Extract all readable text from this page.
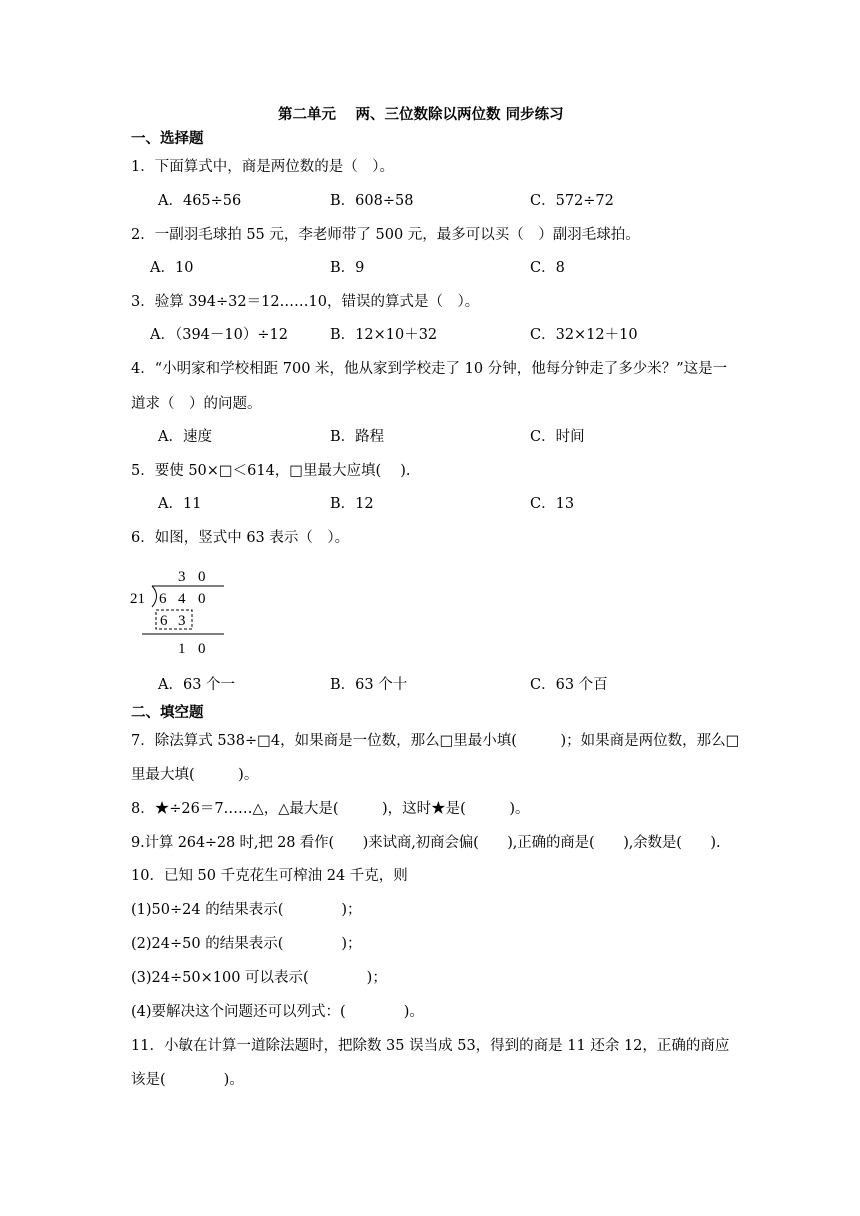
第二单元　 两、三位数除以两位数 同步练习
一、选择题
1．下面算式中，商是两位数的是（　）。
A．465÷56	B．608÷58	C．572÷72
2．一副羽毛球拍 55 元，李老师带了 500 元，最多可以买（　）副羽毛球拍。
A．10	B．9	C．8
3．验算 394÷32＝12……10，错误的算式是（　）。
A．（394－10）÷12	B．12×10＋32	C．32×12＋10
4．“小明家和学校相距 700 米，他从家到学校走了 10 分钟，他每分钟走了多少米？”这是一
道求（　）的问题。
A．速度	B．路程	C．时间
5．要使 50×□＜614，□里最大应填(　 ).
A．11	B．12	C．13
6．如图，竖式中 63 表示（　）。
3 0
21 6 4 0
6 3
1 0
A．63 个一	B．63 个十	C．63 个百
二、填空题
7．除法算式 538÷□4，如果商是一位数，那么□里最小填(　　　)；如果商是两位数，那么□
里最大填(　　　)。
8．★÷26＝7……△，△最大是(　　　)，这时★是(　　　)。
9.计算 264÷28 时,把 28 看作(　　)来试商,初商会偏(　　),正确的商是(　　),余数是(　　).
10．已知 50 千克花生可榨油 24 千克，则
(1)50÷24 的结果表示(　　　　)；
(2)24÷50 的结果表示(　　　　)；
(3)24÷50×100 可以表示(　　　　)；
(4)要解决这个问题还可以列式：(　　　　)。
11．小敏在计算一道除法题时，把除数 35 误当成 53，得到的商是 11 还余 12，正确的商应
该是(　　　　)。
